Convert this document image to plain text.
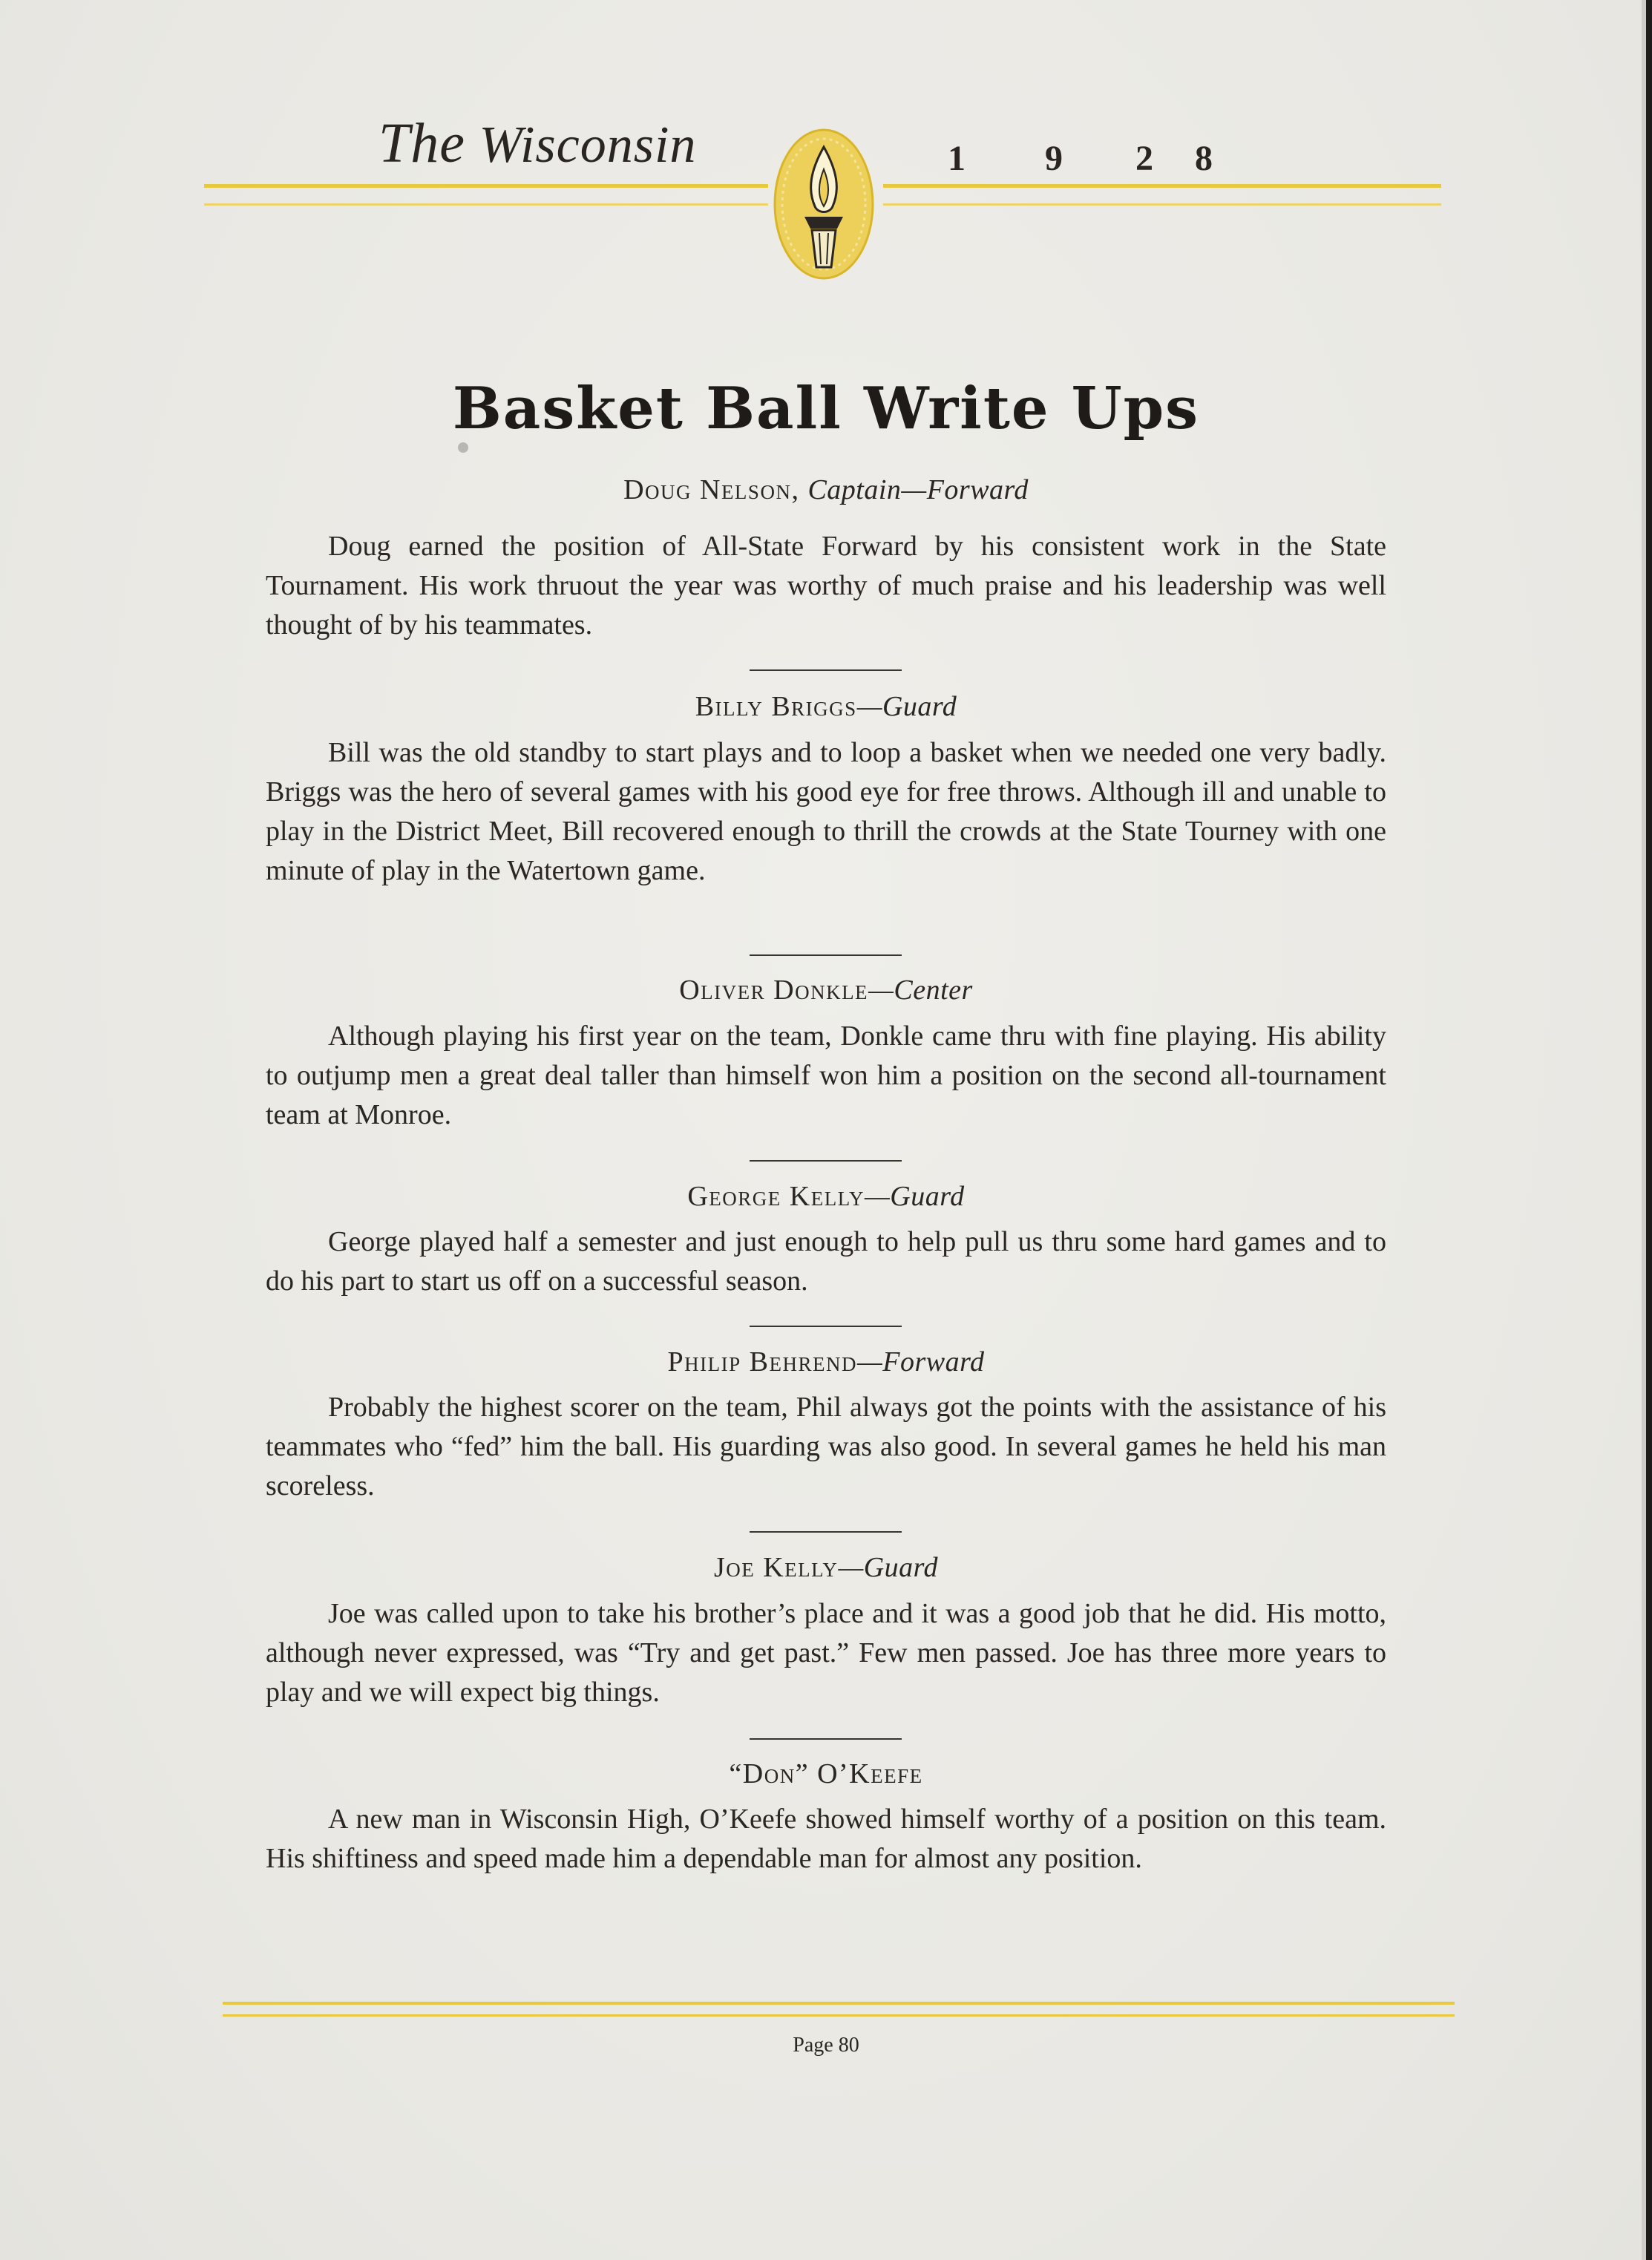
The Wisconsin	1 9 2 8
Basket Ball Write Ups
Doug Nelson, Captain—Forward
Doug earned the position of All-State Forward by his consistent work in the State Tournament. His work thruout the year was worthy of much praise and his leadership was well thought of by his teammates.
Billy Briggs—Guard
Bill was the old standby to start plays and to loop a basket when we needed one very badly. Briggs was the hero of several games with his good eye for free throws. Although ill and unable to play in the District Meet, Bill recovered enough to thrill the crowds at the State Tourney with one minute of play in the Watertown game.
Oliver Donkle—Center
Although playing his first year on the team, Donkle came thru with fine playing. His ability to outjump men a great deal taller than himself won him a position on the second all-tournament team at Monroe.
George Kelly—Guard
George played half a semester and just enough to help pull us thru some hard games and to do his part to start us off on a successful season.
Philip Behrend—Forward
Probably the highest scorer on the team, Phil always got the points with the assistance of his teammates who “fed” him the ball. His guarding was also good. In several games he held his man scoreless.
Joe Kelly—Guard
Joe was called upon to take his brother’s place and it was a good job that he did. His motto, although never expressed, was “Try and get past.” Few men passed. Joe has three more years to play and we will expect big things.
“Don” O’Keefe
A new man in Wisconsin High, O’Keefe showed himself worthy of a position on this team. His shiftiness and speed made him a dependable man for almost any position.
Page 80
